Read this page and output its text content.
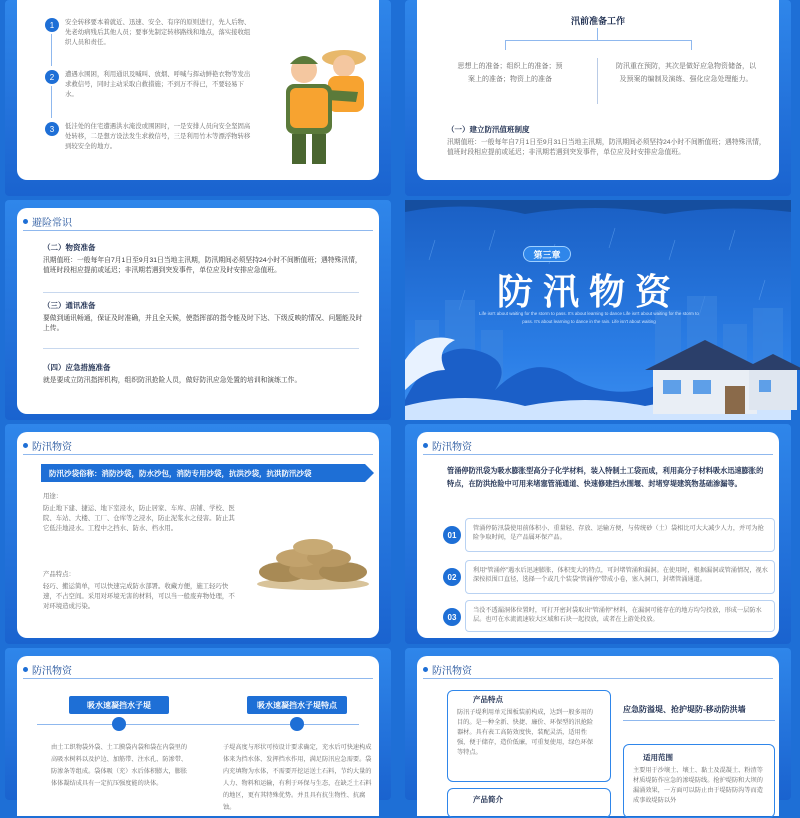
1	安全转移要本着就近、迅速、安全、有序的原则进行，先人后物、先老幼病残后其他人员；要事先制定转移路线和地点，落实接收组织人员和责任。
2	遭遇水围困，利用通讯及喊叫、放烟、呼喊与挥动鲜艳衣物等发出求救信号，同时主动采取自救措施；不到万不得已，不要轻易下水。
3	低洼处的住宅遭遇洪水淹没或围困时，一是安排人员向安全坚固高处转移，二是想方设法发生求救信号，三是利用竹木等漂浮物转移到较安全的地方。
汛前准备工作
思想上的准备；组织上的准备；预案上的准备；物资上的准备
防汛重在预防，其次是做好应急物资储备，以及预案的编制及演练、强化应急处理能力。
（一）建立防汛值班制度
汛期值班：一般每年自7月1日至9月31日当地主汛期，防汛期间必须坚持24小时不间断值班；遇特殊汛情，值班时段相应提前或延迟；非汛期若遇到突发事件，单位应及时安排应急值班。
避险常识
（二）物资准备
汛期值班：一般每年自7月1日至9月31日当地主汛期，防汛期间必须坚持24小时不间断值班；遇特殊汛情，值班时段相应提前或延迟；非汛期若遇到突发事件，单位应及时安排应急值班。
（三）通讯准备
要做到通讯畅通，保证及时准确，并且全天候，使指挥部的指令能及时下达、下级反映的情况、问题能及时上传。
（四）应急措施准备
就是要成立防汛指挥机构，组织防汛抢险人员，做好防汛应急处置的培训和演练工作。
第三章
防汛物资
Life isn't about waiting for the storm to pass. It's about learning to dance Life isn't about waiting for the storm to pass. It's about learning to dance in the rain. Life isn't about waiting
防汛物资
防汛沙袋俗称：消防沙袋，防水沙包，消防专用沙袋，抗洪沙袋，抗洪防汛沙袋
用途：
防止地下建、捷运、地下室浸水，防止居家、车库、店铺、学校、医院、车站、大楼、工厂、仓库等之浸水，防止泥浆水之侵害。防止其它低洼地浸水。工程中之挡水、防水、档水用。
产品特点：
轻巧、搬运简单，可以快速完成防水部署。收藏方便，施工轻巧快速，不占空间。采用对环境无害的材料，可以当一般废弃物处理，不对环境造成污染。
防汛物资
管涌停防汛袋为吸水膨胀型高分子化学材料，装入特制土工袋而成，利用高分子材料吸水迅速膨胀的特点，在防洪抢险中可用来堵塞管涌通道、快速修建挡水围堰、封堵穿堤建筑物基础渗漏等。
01
管涌停防汛袋使用前体积小、重量轻、存放、运输方便，与传统砂（土）袋相比可大大减少人力，并可为抢险争取时间，是产品属环保产品。
02
利用“管涌停”遇水后迅速膨胀，体积变大的特点，可封堵管涌和漏洞。在使用时，根据漏洞或管涌情况，视水深按拟围口直径，选择一个或几个装袋“管涌停”带成小卷，塞入洞口，封堵管涌通道。
03
当没不透漏洞体位置时，可打开密封袋取出“管涌停”材料，在漏洞可能存在的地方均匀投放，形成一层防水层。也可在水流流速较大区域和石块一起投放，或者在上游处投放。
防汛物资
吸水速凝挡水子堤	吸水速凝挡水子堤特点
由土工织物袋外袋、土工膜袋内袋和袋在内袋里的高吸水树料以及护边、加筋带、注水孔、防渗带、防渗条等组成。袋体吸（充）水后体积膨大，膨胀体体凝结成具有一定抗压强度能的块体。
子堤高度与形状可按设计要求确定，充水后可快速构成体来为挡水体、发挥挡水作用，满足防汛应急需要。袋内充填物为水体，不需要开挖运送土石料，节约大量的人力、物料和运输，有利于环保与生态，在缺乏土石料的地区，更有其特殊优势。并且具有抗生物性、抗腐蚀。
防汛物资
产品特点
防汛子堤利用单元围板装前构成，达到一般多用的目的。是一种全新、快捷、廉价、环保型的汛抢险器材。具有表工高防效度快，装配灵活，适用性强，便于储存，造价低廉，可重复使用，绿色环保等特点。
产品简介
应急防溢堤、抢护堤防-移动防洪墙
适用范围
主要用于沙壤土、壤土、黏土及混凝土、粉渣等材质堤防作应急的渗堤防线。抢护堤防和大坝的漏涌效果，一方面可以防止由于堤防防沟等而造成事故堤防以外
